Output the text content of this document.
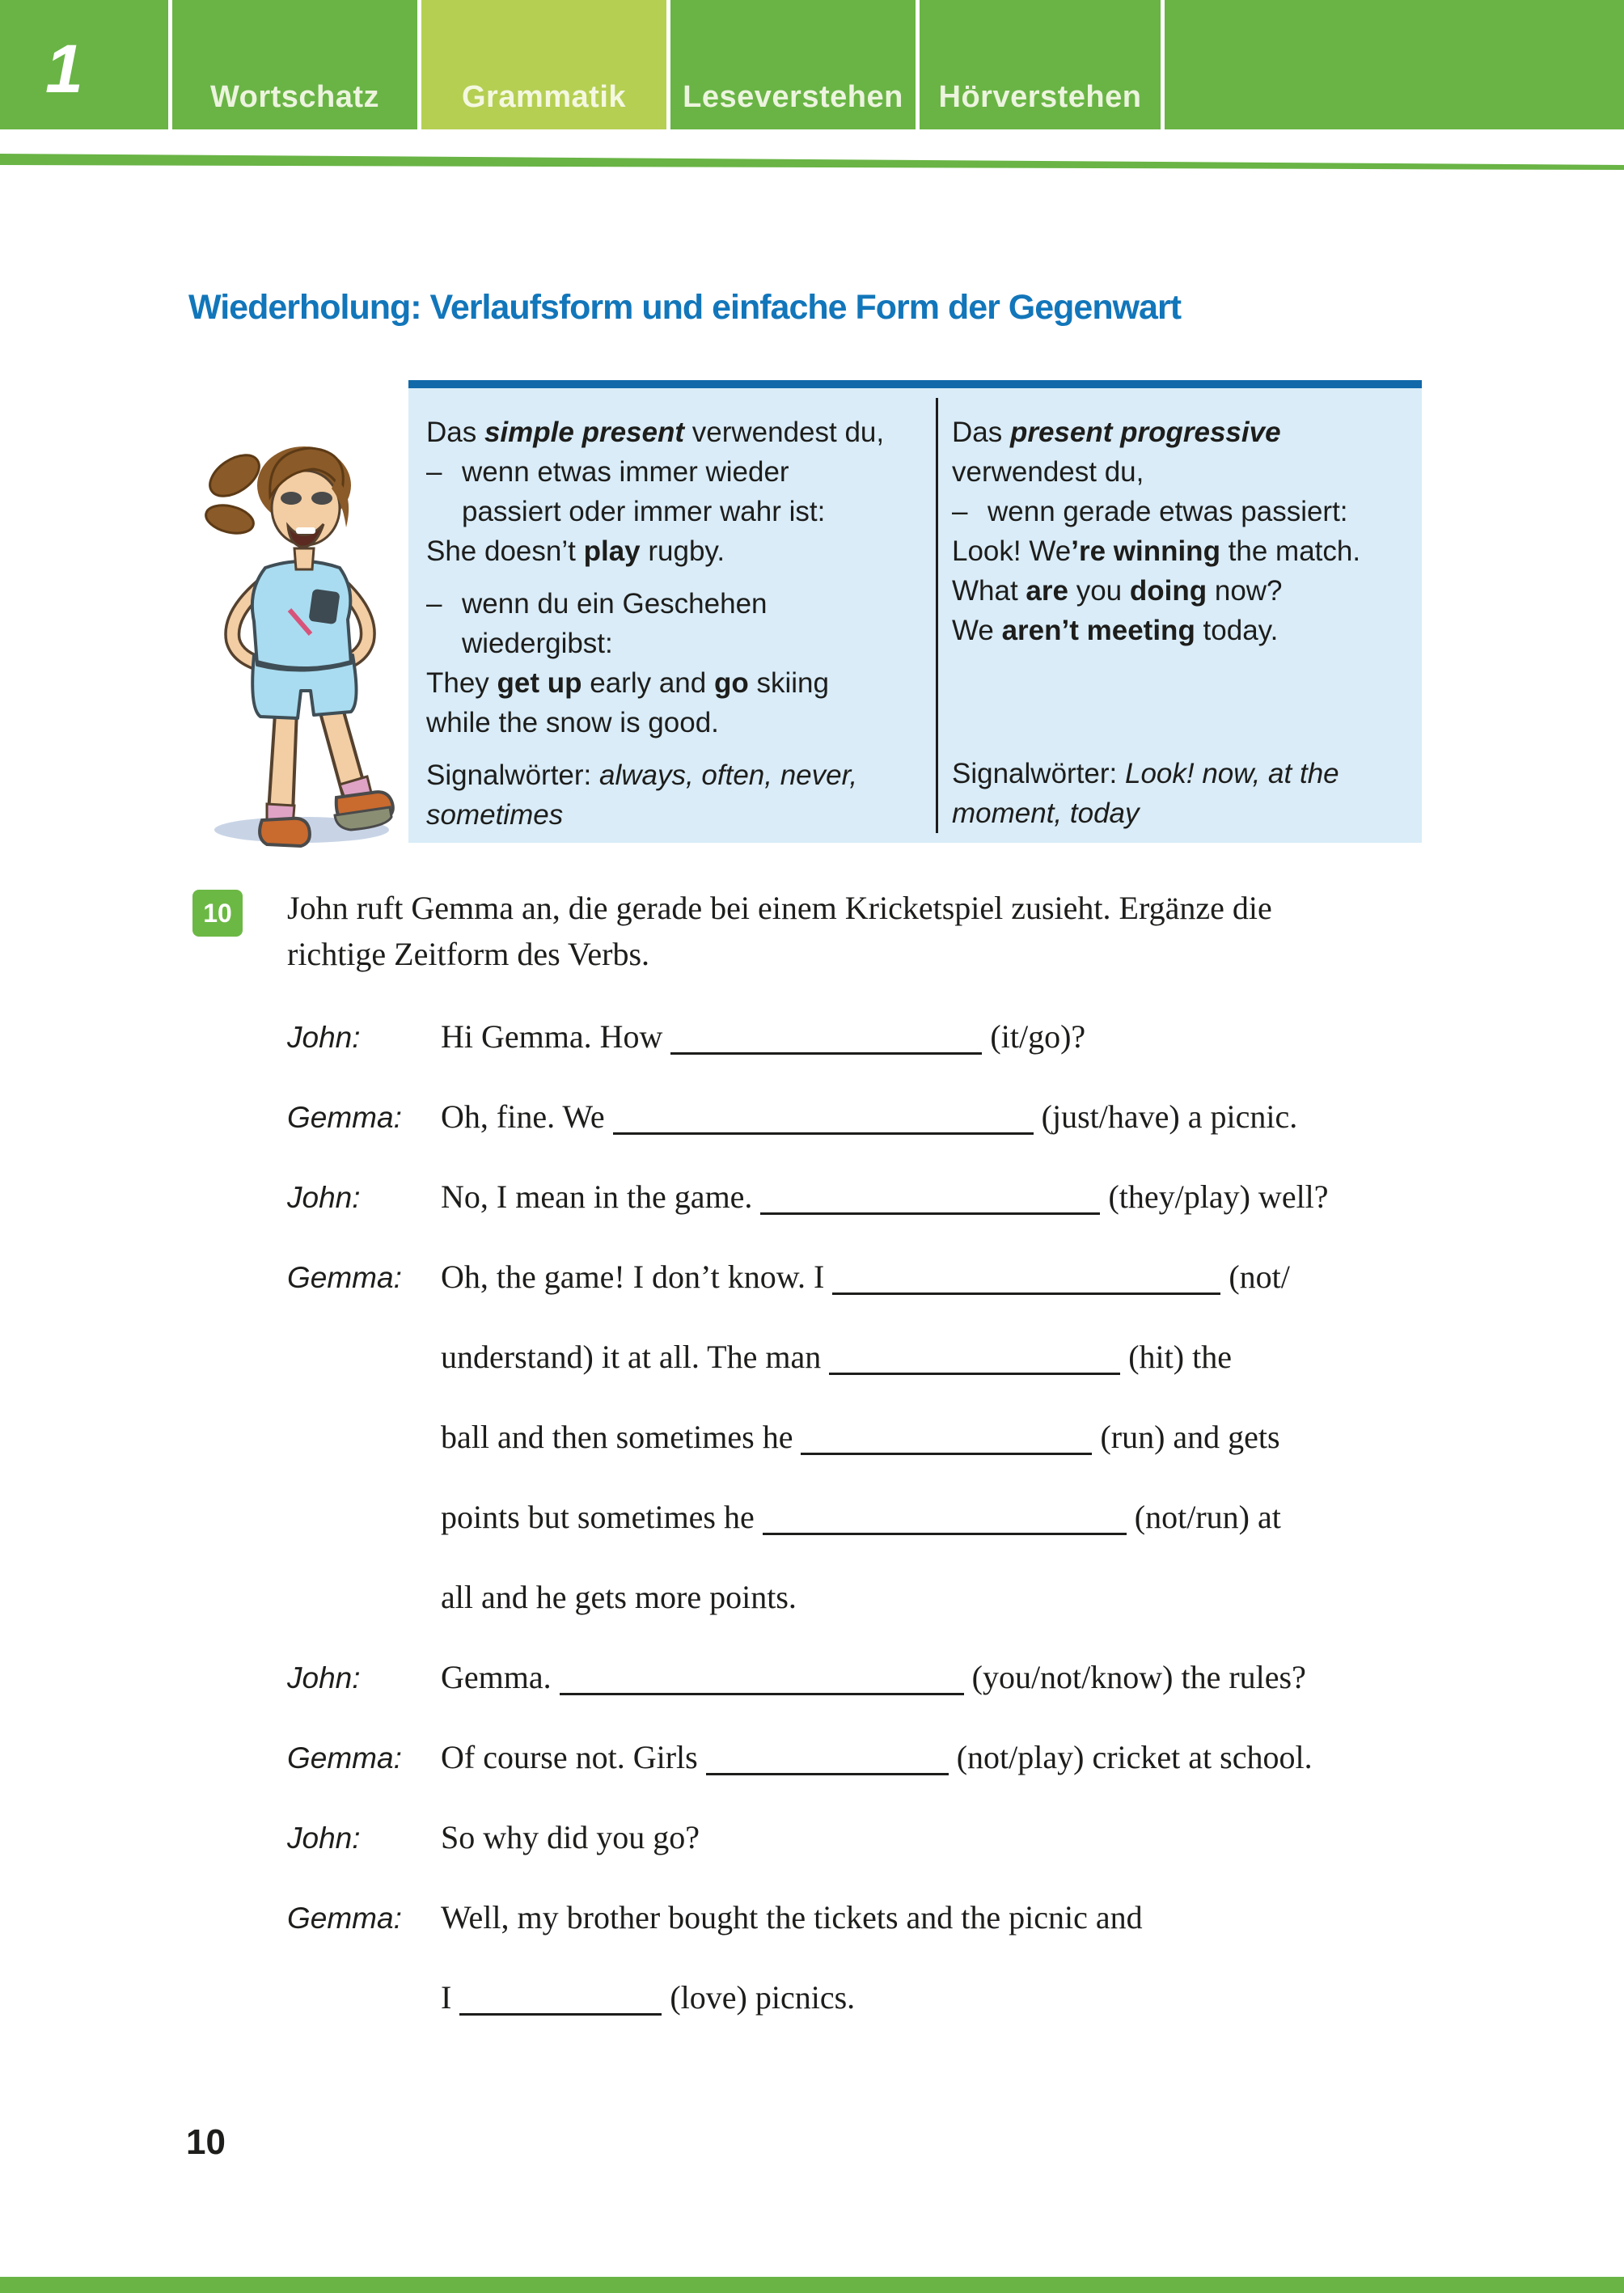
1	Wortschatz	Grammatik	Leseverstehen	Hörverstehen
Wiederholung: Verlaufsform und einfache Form der Gegenwart
Das simple present verwendest du,
– wenn etwas immer wieder
passiert oder immer wahr ist:
She doesn’t play rugby.
– wenn du ein Geschehen
wiedergibst:
They get up early and go skiing
while the snow is good.
Signalwörter: always, often, never,
sometimes
Das present progressive
verwendest du,
– wenn gerade etwas passiert:
Look! We’re winning the match.
What are you doing now?
We aren’t meeting today.
Signalwörter: Look! now, at the
moment, today
10	John ruft Gemma an, die gerade bei einem Kricketspiel zusieht. Ergänze die
richtige Zeitform des Verbs.
John: Hi Gemma. How	(it/go)?
Gemma: Oh, fine. We	(just/have) a picnic.
John: No, I mean in the game.	(they/play) well?
Gemma: Oh, the game! I don’t know. I	(not/
understand) it at all. The man	(hit) the
ball and then sometimes he	(run) and gets
points but sometimes he	(not/run) at
all and he gets more points.
John: Gemma.	(you/not/know) the rules?
Gemma: Of course not. Girls	(not/play) cricket at school.
John: So why did you go?
Gemma: Well, my brother bought the tickets and the picnic and
I	(love) picnics.
10
